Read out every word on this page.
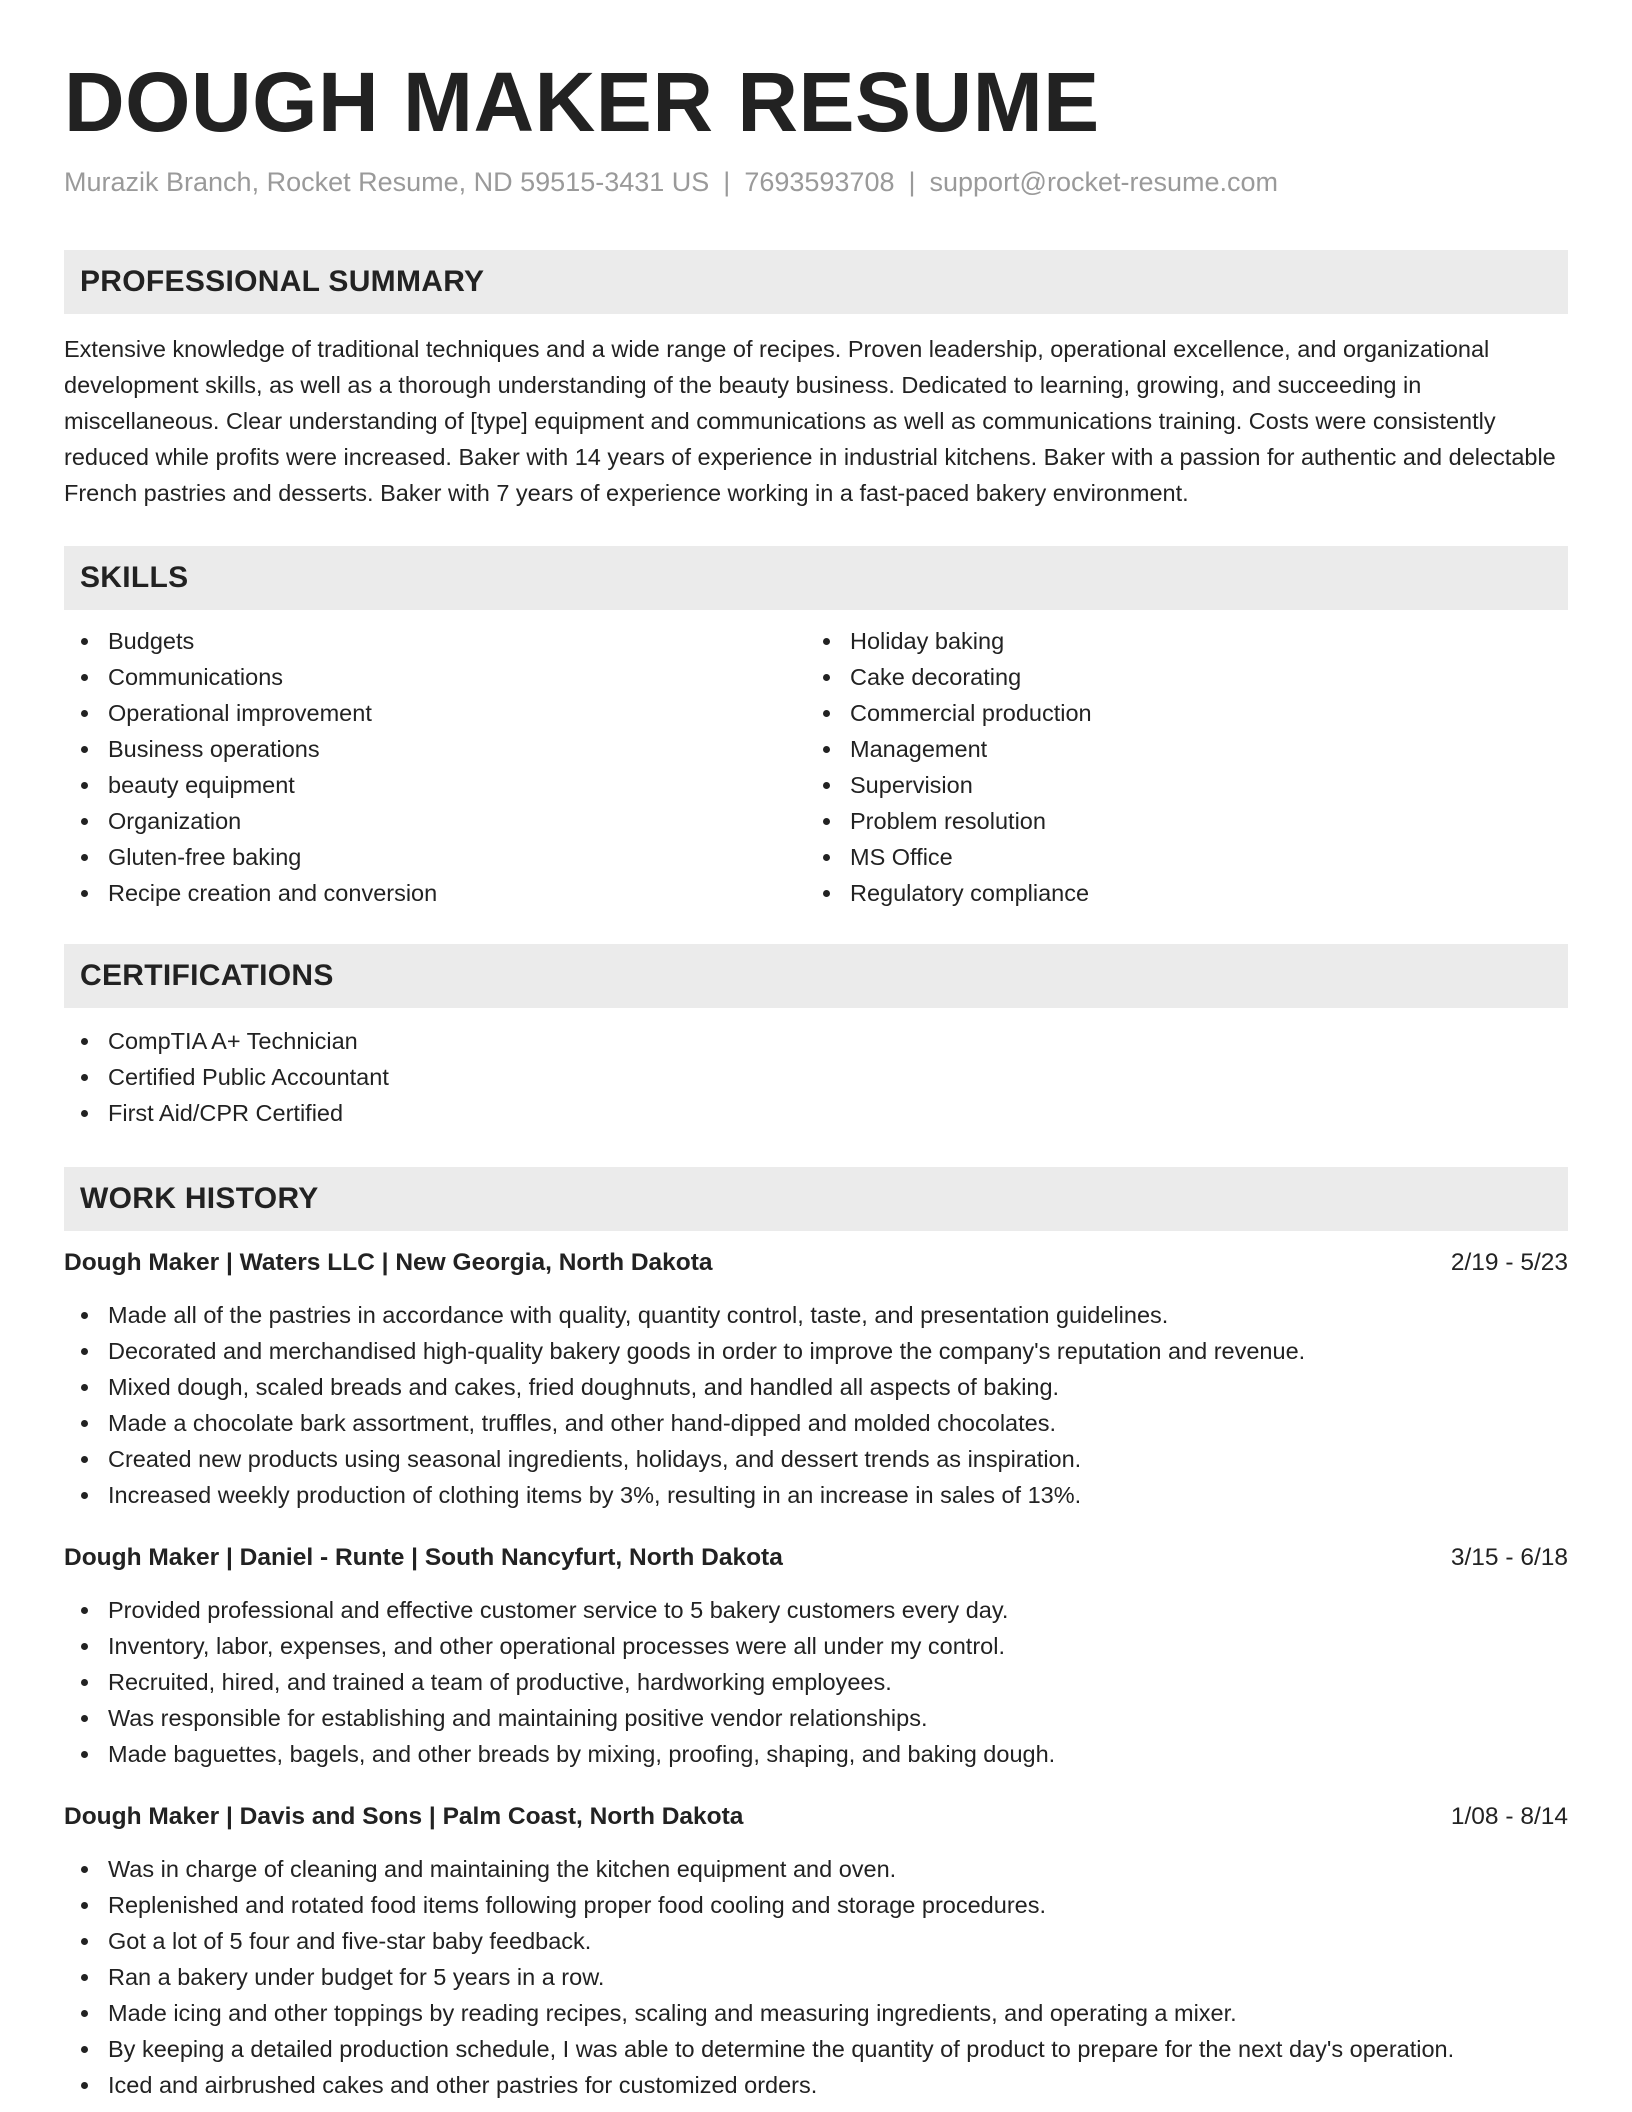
DOUGH MAKER RESUME
Murazik Branch, Rocket Resume, ND 59515-3431 US | 7693593708 | support@rocket-resume.com
PROFESSIONAL SUMMARY

Extensive knowledge of traditional techniques and a wide range of recipes. Proven leadership, operational excellence, and organizational development skills, as well as a thorough understanding of the beauty business. Dedicated to learning, growing, and succeeding in miscellaneous. Clear understanding of [type] equipment and communications as well as communications training. Costs were consistently reduced while profits were increased. Baker with 14 years of experience in industrial kitchens. Baker with a passion for authentic and delectable French pastries and desserts. Baker with 7 years of experience working in a fast-paced bakery environment.

SKILLS
Budgets
Communications
Operational improvement
Business operations
beauty equipment
Organization
Gluten-free baking
Recipe creation and conversion
Holiday baking
Cake decorating
Commercial production
Management
Supervision
Problem resolution
MS Office
Regulatory compliance
CERTIFICATIONS
CompTIA A+ Technician
Certified Public Accountant
First Aid/CPR Certified
WORK HISTORY
Dough Maker | Waters LLC | New Georgia, North Dakota	2/19 - 5/23
Made all of the pastries in accordance with quality, quantity control, taste, and presentation guidelines.
Decorated and merchandised high-quality bakery goods in order to improve the company's reputation and revenue.
Mixed dough, scaled breads and cakes, fried doughnuts, and handled all aspects of baking.
Made a chocolate bark assortment, truffles, and other hand-dipped and molded chocolates.
Created new products using seasonal ingredients, holidays, and dessert trends as inspiration.
Increased weekly production of clothing items by 3%, resulting in an increase in sales of 13%.
Dough Maker | Daniel - Runte | South Nancyfurt, North Dakota	3/15 - 6/18
Provided professional and effective customer service to 5 bakery customers every day.
Inventory, labor, expenses, and other operational processes were all under my control.
Recruited, hired, and trained a team of productive, hardworking employees.
Was responsible for establishing and maintaining positive vendor relationships.
Made baguettes, bagels, and other breads by mixing, proofing, shaping, and baking dough.
Dough Maker | Davis and Sons | Palm Coast, North Dakota	1/08 - 8/14
Was in charge of cleaning and maintaining the kitchen equipment and oven.
Replenished and rotated food items following proper food cooling and storage procedures.
Got a lot of 5 four and five-star baby feedback.
Ran a bakery under budget for 5 years in a row.
Made icing and other toppings by reading recipes, scaling and measuring ingredients, and operating a mixer.
By keeping a detailed production schedule, I was able to determine the quantity of product to prepare for the next day's operation.
Iced and airbrushed cakes and other pastries for customized orders.
